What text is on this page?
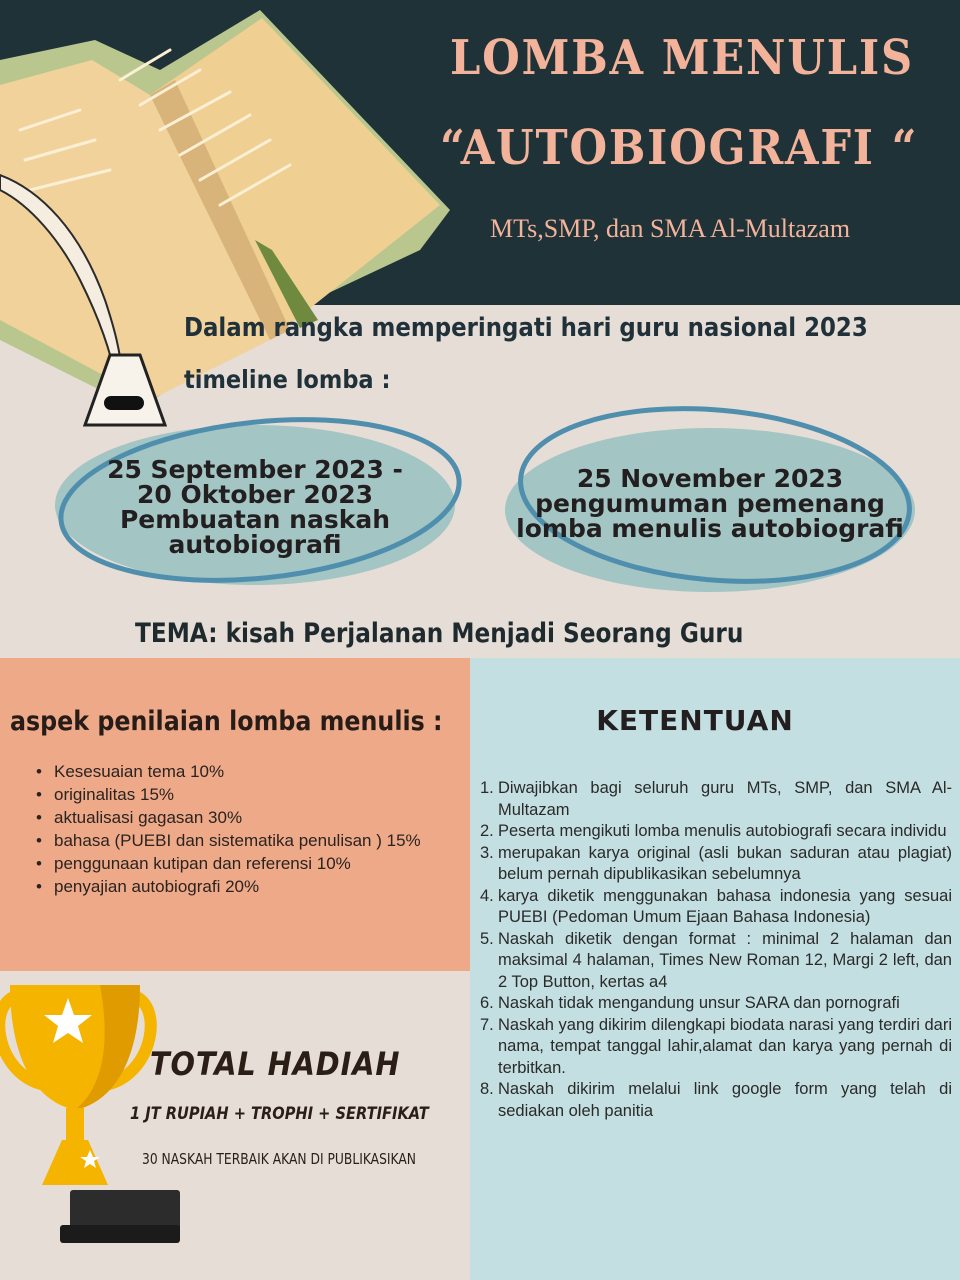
LOMBA MENULIS
“AUTOBIOGRAFI “
MTs,SMP, dan SMA Al-Multazam
Dalam rangka memperingati hari guru nasional 2023
timeline lomba :
25 September 2023 -
20 Oktober 2023
Pembuatan naskah
autobiografi
25 November 2023
pengumuman pemenang
lomba menulis autobiografi
TEMA: kisah Perjalanan Menjadi Seorang Guru
aspek penilaian lomba menulis :
• Kesesuaian tema 10%
• originalitas 15%
• aktualisasi gagasan 30%
• bahasa (PUEBI dan sistematika penulisan ) 15%
• penggunaan kutipan dan referensi 10%
• penyajian autobiografi 20%
KETENTUAN
1. Diwajibkan bagi seluruh guru MTs, SMP, dan SMA Al-Multazam
2. Peserta mengikuti lomba menulis autobiografi secara individu
3. merupakan karya original (asli bukan saduran atau plagiat) belum pernah dipublikasikan sebelumnya
4. karya diketik menggunakan bahasa indonesia yang sesuai PUEBI (Pedoman Umum Ejaan Bahasa Indonesia)
5. Naskah diketik dengan format : minimal 2 halaman dan maksimal 4 halaman, Times New Roman 12, Margi 2 left, dan 2 Top Button, kertas a4
6. Naskah tidak mengandung unsur SARA dan pornografi
7. Naskah yang dikirim dilengkapi biodata narasi yang terdiri dari nama, tempat tanggal lahir,alamat dan karya yang pernah di terbitkan.
8. Naskah dikirim melalui link google form yang telah di sediakan oleh panitia
TOTAL HADIAH
1 JT RUPIAH + TROPHI + SERTIFIKAT
30 NASKAH TERBAIK AKAN DI PUBLIKASIKAN
